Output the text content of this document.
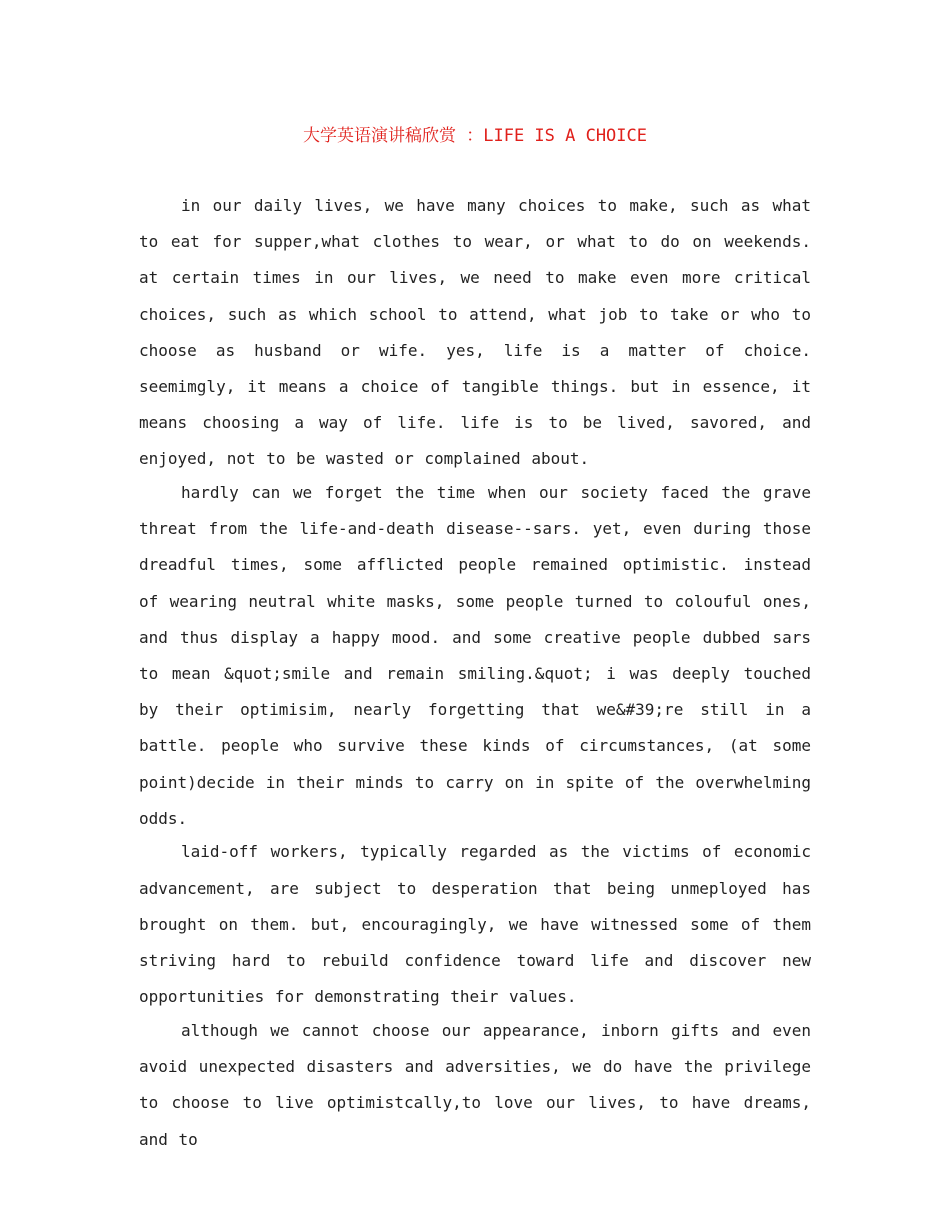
大学英语演讲稿欣赏 ：LIFE IS A CHOICE

in our daily lives, we have many choices to make, such as what to eat for supper,what clothes to wear, or what to do on weekends. at certain times in our lives, we need to make even more critical choices, such as which school to attend, what job to take or who to choose as husband or wife. yes, life is a matter of choice. seemimgly, it means a choice of tangible things. but in essence, it means choosing a way of life. life is to be lived, savored, and enjoyed, not to be wasted or complained about.

hardly can we forget the time when our society faced the grave threat from the life-and-death disease--sars. yet, even during those dreadful times, some afflicted people remained optimistic. instead of wearing neutral white masks, some people turned to colouful ones, and thus display a happy mood. and some creative people dubbed sars to mean &quot;smile and remain smiling.&quot; i was deeply touched by their optimisim, nearly forgetting that we&#39;re still in a battle. people who survive these kinds of circumstances, (at some point)decide in their minds to carry on in spite of the overwhelming odds.

laid-off workers, typically regarded as the victims of economic advancement, are subject to desperation that being unmeployed has brought on them. but, encouragingly, we have witnessed some of them striving hard to rebuild confidence toward life and discover new opportunities for demonstrating their values.

although we cannot choose our appearance, inborn gifts and even avoid unexpected disasters and adversities, we do have the privilege to choose to live optimistcally,to love our lives, to have dreams, and to
